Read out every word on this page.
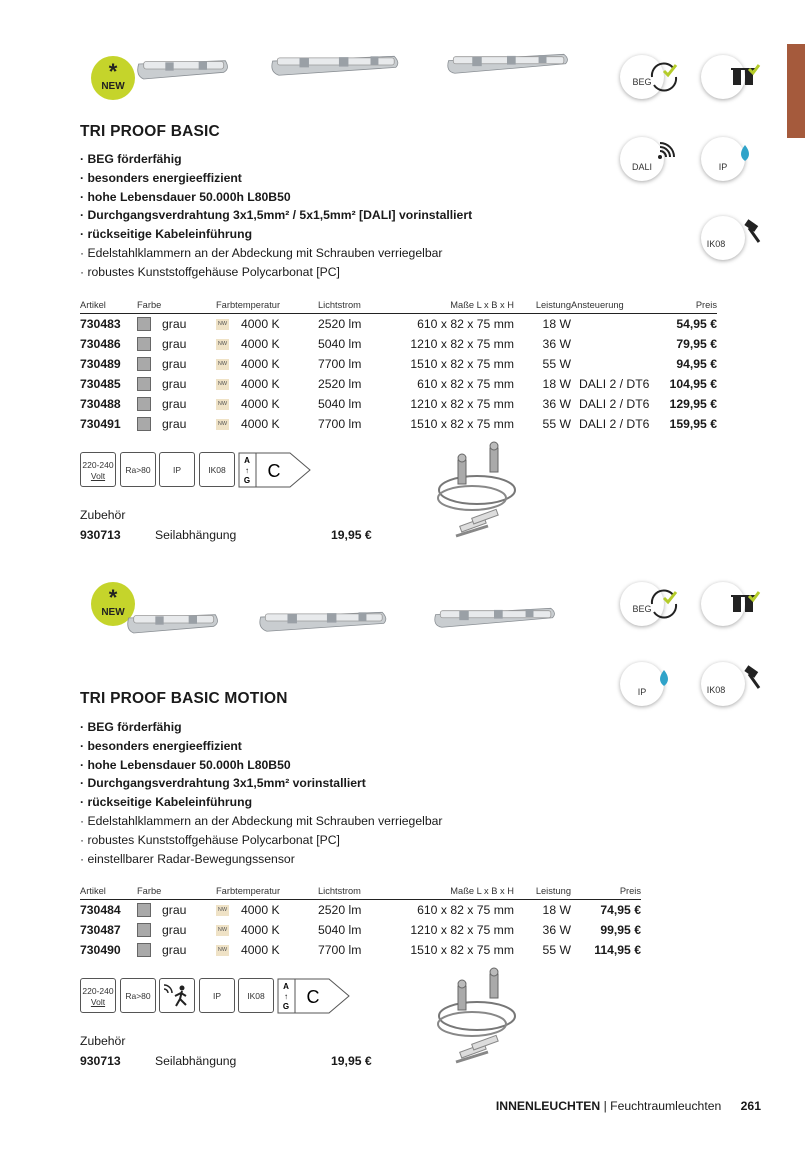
*
NEW	BEG
TRI PROOF BASIC
DALI	IP
IK08
· BEG förderfähig
· besonders energieeffizient
· hohe Lebensdauer 50.000h L80B50
· Durchgangsverdrahtung 3x1,5mm² / 5x1,5mm² [DALI] vorinstalliert
· rückseitige Kabeleinführung
· Edelstahlklammern an der Abdeckung mit Schrauben verriegelbar
· robustes Kunststoffgehäuse Polycarbonat [PC]
Artikel	Farbe	Farbtemperatur	Lichtstrom	Maße L x B x H	Leistung	Ansteuerung	Preis
730483	grau	NW 4000 K	2520 lm	610 x 82 x 75 mm	18 W		54,95 €
730486	grau	NW 4000 K	5040 lm	1210 x 82 x 75 mm	36 W		79,95 €
730489	grau	NW 4000 K	7700 lm	1510 x 82 x 75 mm	55 W		94,95 €
730485	grau	NW 4000 K	2520 lm	610 x 82 x 75 mm	18 W	DALI 2 / DT6	104,95 €
730488	grau	NW 4000 K	5040 lm	1210 x 82 x 75 mm	36 W	DALI 2 / DT6	129,95 €
730491	grau	NW 4000 K	7700 lm	1510 x 82 x 75 mm	55 W	DALI 2 / DT6	159,95 €
220-240
Volt
Ra>80	IP	IK08
A
↑
G C
Zubehör
930713	Seilabhängung	19,95 €
*
NEW	BEG
IP	IK08
TRI PROOF BASIC MOTION
· BEG förderfähig
· besonders energieeffizient
· hohe Lebensdauer 50.000h L80B50
· Durchgangsverdrahtung 3x1,5mm² vorinstalliert
· rückseitige Kabeleinführung
· Edelstahlklammern an der Abdeckung mit Schrauben verriegelbar
· robustes Kunststoffgehäuse Polycarbonat [PC]
· einstellbarer Radar-Bewegungssensor
Artikel	Farbe	Farbtemperatur	Lichtstrom	Maße L x B x H	Leistung	Preis
730484	grau	NW 4000 K	2520 lm	610 x 82 x 75 mm	18 W	74,95 €
730487	grau	NW 4000 K	5040 lm	1210 x 82 x 75 mm	36 W	99,95 €
730490	grau	NW 4000 K	7700 lm	1510 x 82 x 75 mm	55 W	114,95 €
220-240
Volt
Ra>80	IP	IK08
A
↑
G C
Zubehör
930713	Seilabhängung	19,95 €
INNENLEUCHTEN | Feuchtraumleuchten 261
